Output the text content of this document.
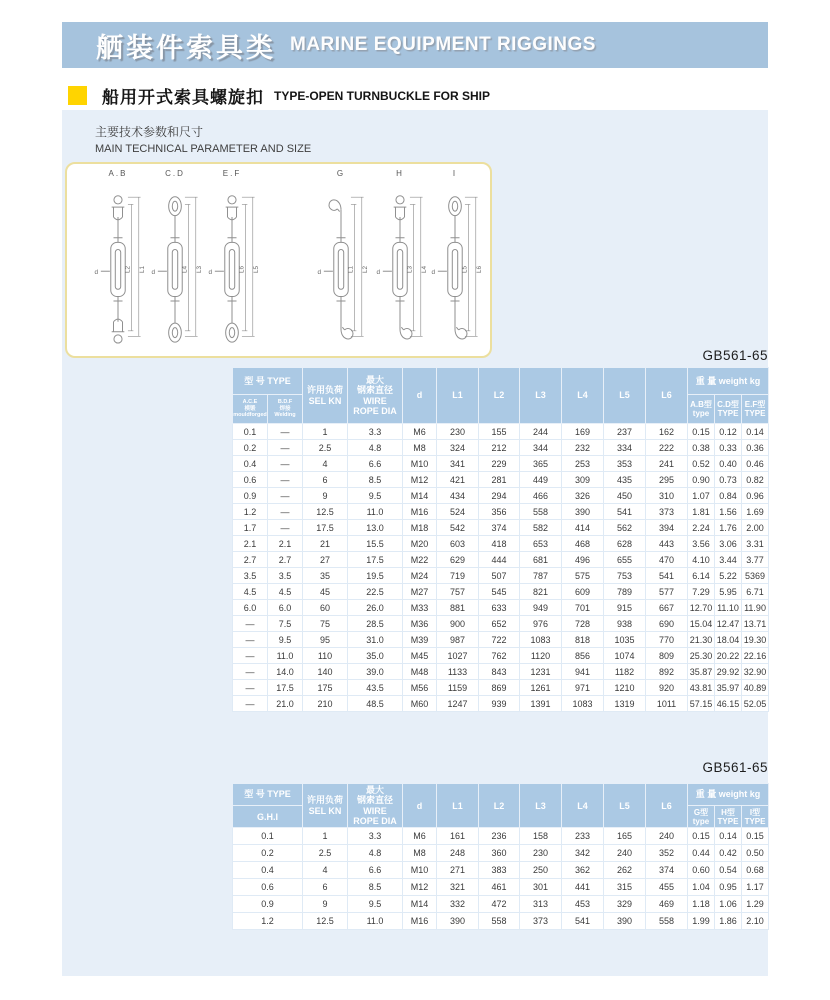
舾装件索具类 MARINE EQUIPMENT RIGGINGS
船用开式索具螺旋扣 TYPE-OPEN TURNBUCKLE FOR SHIP
主要技术参数和尺寸
MAIN TECHNICAL PARAMETER AND SIZE
A.B
L2 L1
d
C.D
L4 L3
d
E.F
L6 L5
d
G
L1 L2
d
H
L3 L4
d
I
L5 L6
d
GB561-65
型 号 TYPE		许用负荷
SEL KN	最大
钢索直径
WIRE
ROPE DIA	d	L1	L2	L3	L4	L5	L6	重 量 weight kg		
A.C.E
模锻
mouldforged	B.D.F
焊接
Welding										A.B型
type	C.D型
TYPE	E.F型
TYPE
0.1	—	1	3.3	M6	230	155	244	169	237	162	0.15	0.12	0.14
0.2	—	2.5	4.8	M8	324	212	344	232	334	222	0.38	0.33	0.36
0.4	—	4	6.6	M10	341	229	365	253	353	241	0.52	0.40	0.46
0.6	—	6	8.5	M12	421	281	449	309	435	295	0.90	0.73	0.82
0.9	—	9	9.5	M14	434	294	466	326	450	310	1.07	0.84	0.96
1.2	—	12.5	11.0	M16	524	356	558	390	541	373	1.81	1.56	1.69
1.7	—	17.5	13.0	M18	542	374	582	414	562	394	2.24	1.76	2.00
2.1	2.1	21	15.5	M20	603	418	653	468	628	443	3.56	3.06	3.31
2.7	2.7	27	17.5	M22	629	444	681	496	655	470	4.10	3.44	3.77
3.5	3.5	35	19.5	M24	719	507	787	575	753	541	6.14	5.22	5369
4.5	4.5	45	22.5	M27	757	545	821	609	789	577	7.29	5.95	6.71
6.0	6.0	60	26.0	M33	881	633	949	701	915	667	12.70	11.10	11.90
—	7.5	75	28.5	M36	900	652	976	728	938	690	15.04	12.47	13.71
—	9.5	95	31.0	M39	987	722	1083	818	1035	770	21.30	18.04	19.30
—	11.0	110	35.0	M45	1027	762	1120	856	1074	809	25.30	20.22	22.16
—	14.0	140	39.0	M48	1133	843	1231	941	1182	892	35.87	29.92	32.90
—	17.5	175	43.5	M56	1159	869	1261	971	1210	920	43.81	35.97	40.89
—	21.0	210	48.5	M60	1247	939	1391	1083	1319	1011	57.15	46.15	52.05
GB561-65
型 号 TYPE	许用负荷
SEL KN	最大
钢索直径
WIRE
ROPE DIA	d	L1	L2	L3	L4	L5	L6	重 量 weight kg		
G.H.I										G型
type	H型
TYPE	I型
TYPE
0.1	1	3.3	M6	161	236	158	233	165	240	0.15	0.14	0.15
0.2	2.5	4.8	M8	248	360	230	342	240	352	0.44	0.42	0.50
0.4	4	6.6	M10	271	383	250	362	262	374	0.60	0.54	0.68
0.6	6	8.5	M12	321	461	301	441	315	455	1.04	0.95	1.17
0.9	9	9.5	M14	332	472	313	453	329	469	1.18	1.06	1.29
1.2	12.5	11.0	M16	390	558	373	541	390	558	1.99	1.86	2.10
